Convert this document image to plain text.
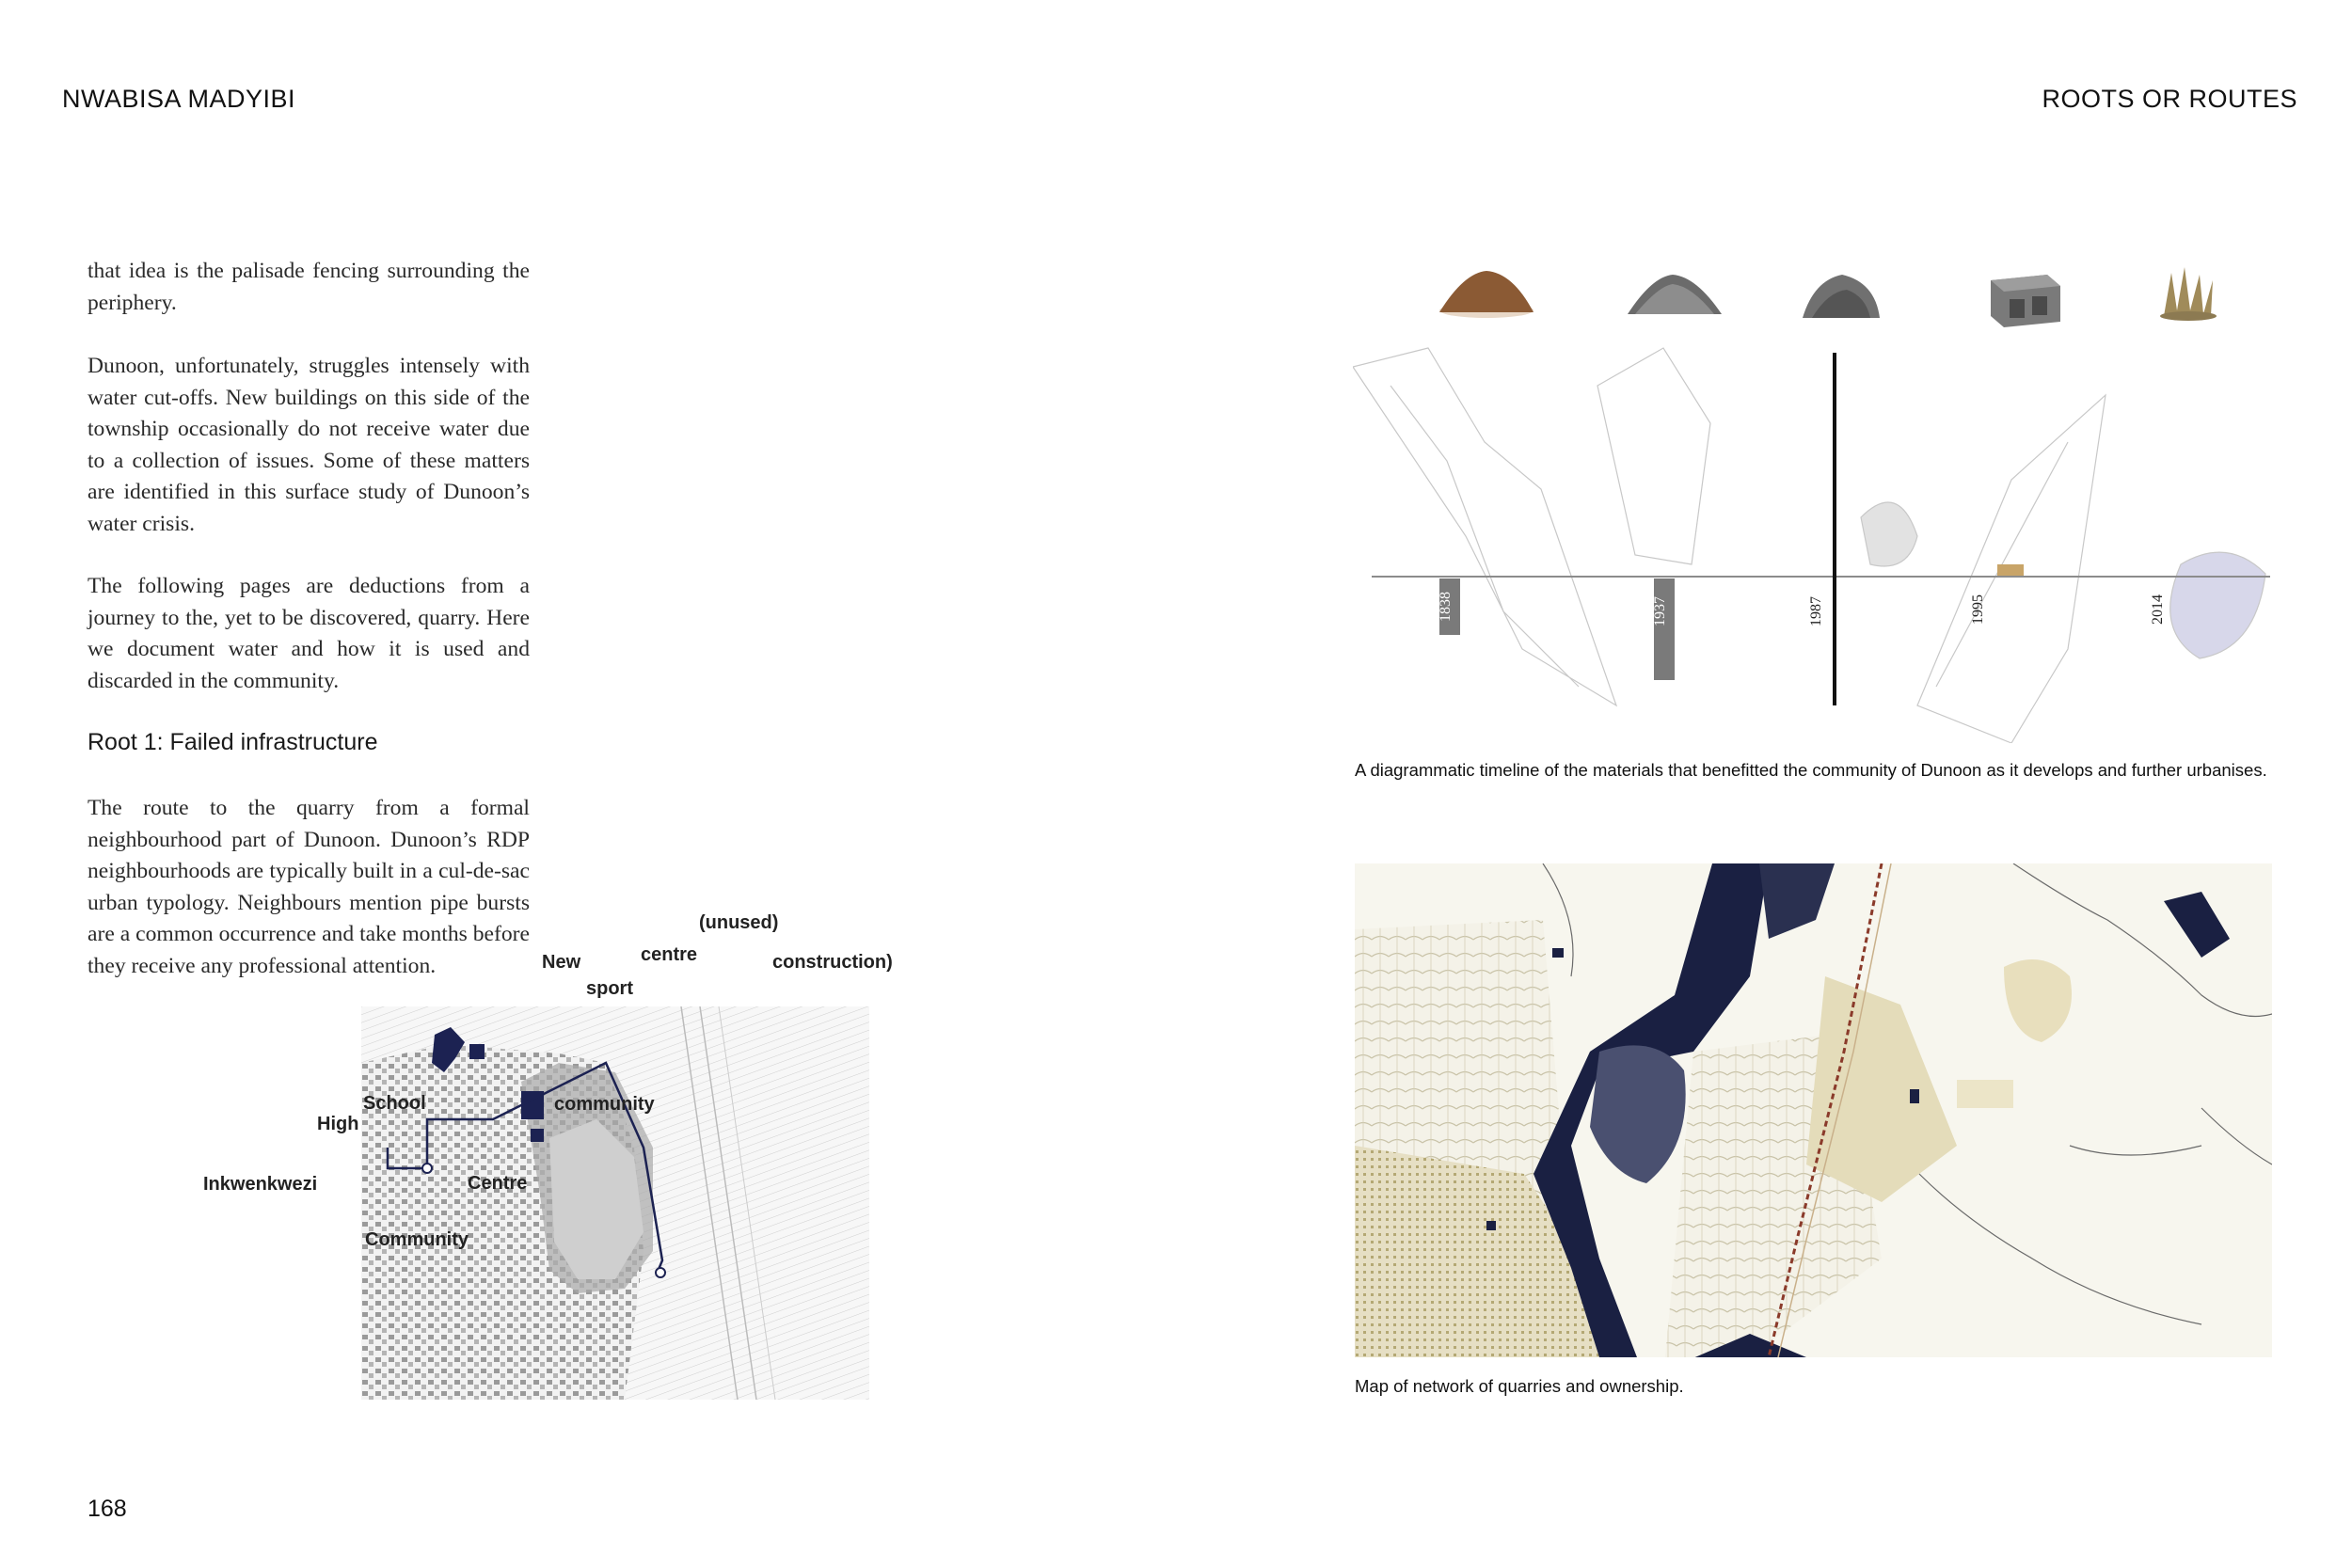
NWABISA MADYIBI	ROOTS OR ROUTES
that idea is the palisade fencing surrounding the periphery.
Dunoon, unfortunately, struggles intensely with water cut-offs. New buildings on this side of the township occasionally do not receive water due to a collection of issues. Some of these matters are identified in this surface study of Dunoon’s water crisis.
The following pages are deductions from a journey to the, yet to be discovered, quarry. Here we document water and how it is used and discarded in the community.
Root 1: Failed infrastructure
The route to the quarry from a formal neighbourhood part of Dunoon. Dunoon’s RDP neighbourhoods are typically built in a cul-de-sac urban typology. Neighbours mention pipe bursts are a common occurrence and take months before they receive any professional attention.
(unused)
New	centre	construction)
sport
School	community
High
Inkwenkwezi	Centre
Community
1838	1937	1987	1995	2014
A diagrammatic timeline of the materials that benefitted the community of Dunoon as it develops and further urbanises.
Map of network of quarries and ownership.
168
